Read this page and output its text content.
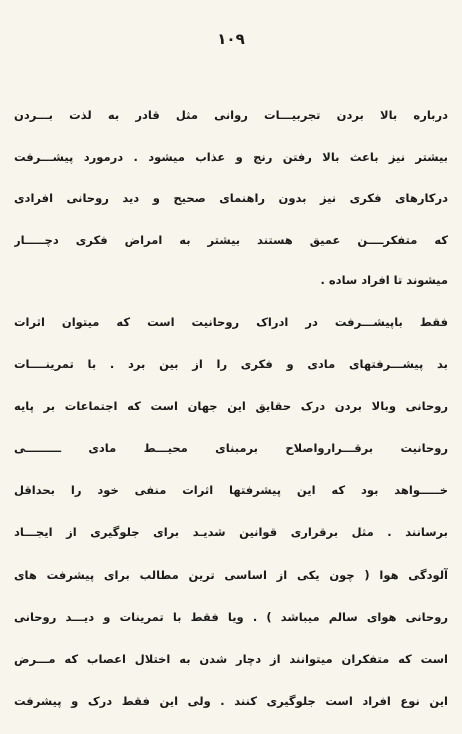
۱۰۹
درباره بالا بردن تجربیـــات روانی مثل قادر به لذت بـــردن
بیشتر نیز باعث بالا رفتن رنج و عذاب میشود . درمورد پیشـــرفت
درکارهای فکری نیز بدون راهنمای صحیح و دید روحانی افرادی
که متفکرــــن عمیق هستند بیشتر به امراض فکری دچـــــار
میشوند تا افراد ساده .
فقط باپیشـــرفت در ادراک روحانیت است که میتوان اثرات
بد پیشـــرفتهای مادی و فکری را از بین برد . با تمرینــــات
روحانی وبالا بردن درک حقایق این جهان است که اجتماعات بر پایه
روحانیت برقـــرارواصلاح برمبنای محیـــط مادی ـــــــــی
خـــــواهد بود که این پیشرفتها اثرات منفی خود را بحداقل
برسانند . مثل برقراری قوانین شدیـد برای جلوگیری از ایجـــاد
آلودگی هوا ( چون یکی از اساسی ترین مطالب برای پیشرفت های
روحانی هوای سالم میباشد ) . ویا فقط با تمرینات و دیـــد روحانی
است که متفکران میتوانند از دچار شدن به اختلال اعصاب که مـــرض
این نوع افراد است جلوگیری کنند . ولی این فقط درک و پیشرفت
